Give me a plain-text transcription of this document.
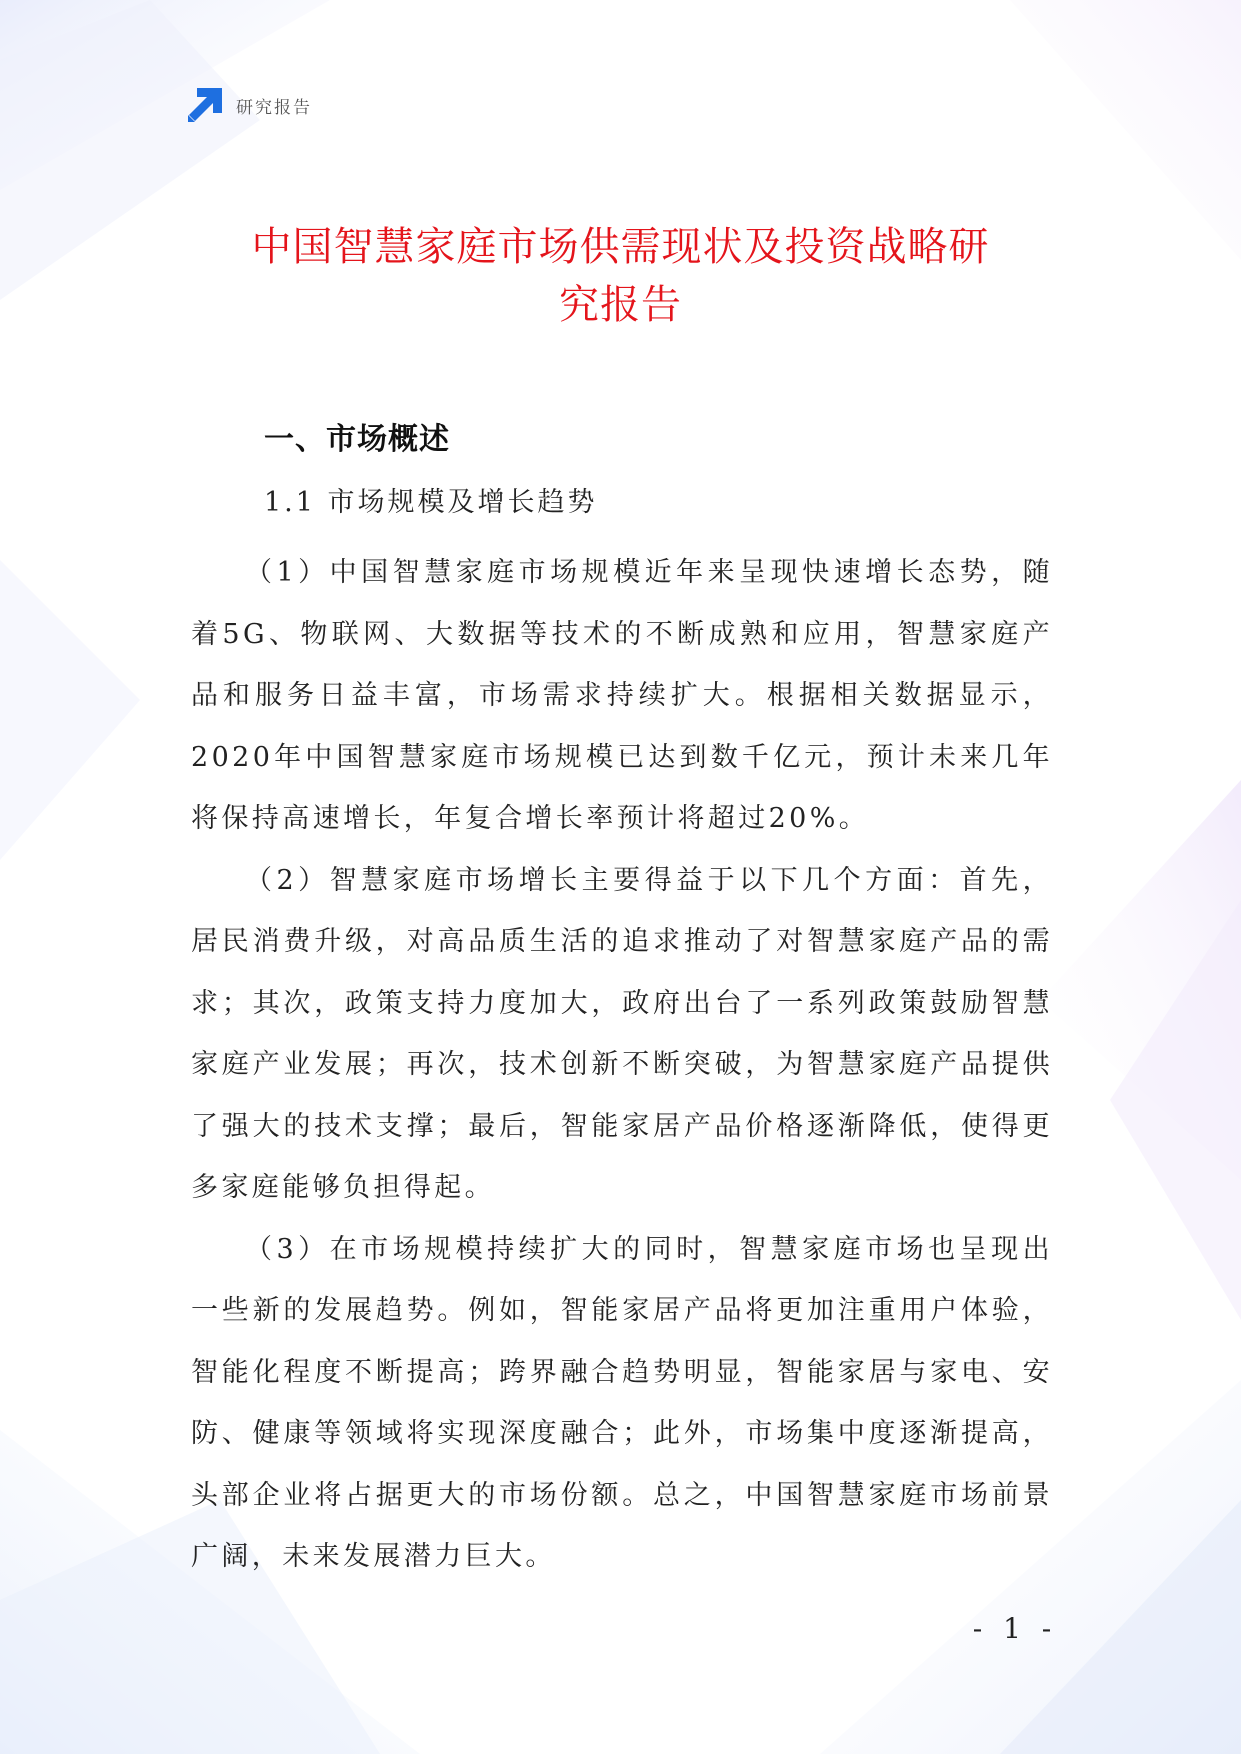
研究报告
中国智慧家庭市场供需现状及投资战略研
究报告
一、市场概述
1.1 市场规模及增长趋势

（1）中国智慧家庭市场规模近年来呈现快速增长态势，随着5G、物联网、大数据等技术的不断成熟和应用，智慧家庭产品和服务日益丰富，市场需求持续扩大。根据相关数据显示，2020年中国智慧家庭市场规模已达到数千亿元，预计未来几年将保持高速增长，年复合增长率预计将超过20%。

（2）智慧家庭市场增长主要得益于以下几个方面：首先，居民消费升级，对高品质生活的追求推动了对智慧家庭产品的需求；其次，政策支持力度加大，政府出台了一系列政策鼓励智慧家庭产业发展；再次，技术创新不断突破，为智慧家庭产品提供了强大的技术支撑；最后，智能家居产品价格逐渐降低，使得更多家庭能够负担得起。

（3）在市场规模持续扩大的同时，智慧家庭市场也呈现出一些新的发展趋势。例如，智能家居产品将更加注重用户体验，智能化程度不断提高；跨界融合趋势明显，智能家居与家电、安防、健康等领域将实现深度融合；此外，市场集中度逐渐提高，头部企业将占据更大的市场份额。总之，中国智慧家庭市场前景广阔，未来发展潜力巨大。

- 1 -
